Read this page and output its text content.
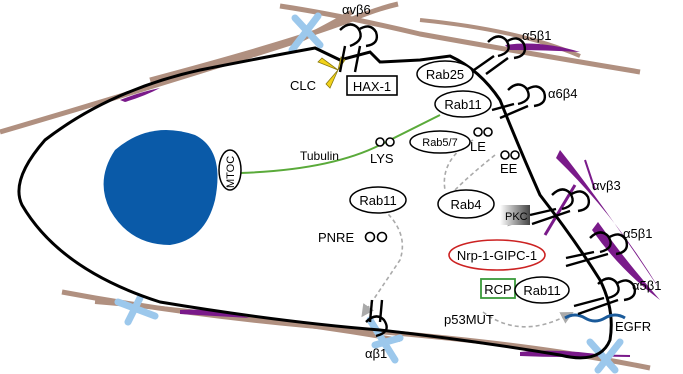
MTOC	Tubulin
Rab5/7
LYS
LE
EE
PNRE
Rab11	Rab4
PKC
Nrp-1-GIPC-1
RCP Rab11
p53MUT	EGFR
Rab25
Rab11
HAX-1
CLC
αvβ6
α5β1
α6β4
αvβ3
α5β1
α5β1
αβ1
